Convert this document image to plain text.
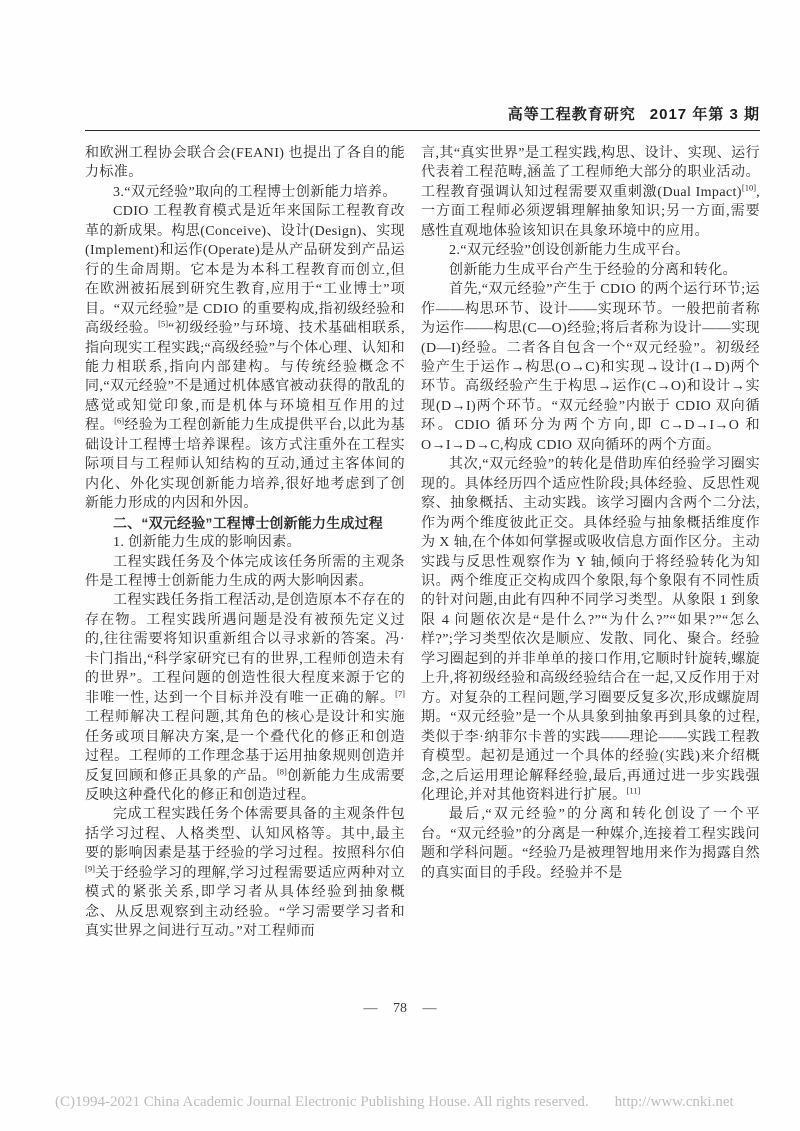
高等工程教育研究 2017 年第 3 期

和欧洲工程协会联合会(FEANI) 也提出了各自的能力标准。

3.“双元经验”取向的工程博士创新能力培养。

CDIO 工程教育模式是近年来国际工程教育改革的新成果。构思(Conceive)、设计(Design)、实现(Implement)和运作(Operate)是从产品研发到产品运行的生命周期。它本是为本科工程教育而创立,但在欧洲被拓展到研究生教育,应用于“工业博士”项目。“双元经验”是 CDIO 的重要构成,指初级经验和高级经验。[5]“初级经验”与环境、技术基础相联系,指向现实工程实践;“高级经验”与个体心理、认知和能力相联系,指向内部建构。与传统经验概念不同,“双元经验”不是通过机体感官被动获得的散乱的感觉或知觉印象,而是机体与环境相互作用的过程。[6]经验为工程创新能力生成提供平台,以此为基础设计工程博士培养课程。该方式注重外在工程实际项目与工程师认知结构的互动,通过主客体间的内化、外化实现创新能力培养,很好地考虑到了创新能力形成的内因和外因。

二、“双元经验”工程博士创新能力生成过程

1. 创新能力生成的影响因素。

工程实践任务及个体完成该任务所需的主观条件是工程博士创新能力生成的两大影响因素。

工程实践任务指工程活动,是创造原本不存在的存在物。工程实践所遇问题是没有被预先定义过的,往往需要将知识重新组合以寻求新的答案。冯·卡门指出,“科学家研究已有的世界,工程师创造未有的世界”。工程问题的创造性很大程度来源于它的非唯一性, 达到一个目标并没有唯一正确的解。[7]工程师解决工程问题,其角色的核心是设计和实施任务或项目解决方案,是一个叠代化的修正和创造过程。工程师的工作理念基于运用抽象规则创造并反复回顾和修正具象的产品。[8]创新能力生成需要反映这种叠代化的修正和创造过程。

完成工程实践任务个体需要具备的主观条件包括学习过程、人格类型、认知风格等。其中,最主要的影响因素是基于经验的学习过程。按照科尔伯[9]关于经验学习的理解,学习过程需要适应两种对立模式的紧张关系,即学习者从具体经验到抽象概念、从反思观察到主动经验。“学习需要学习者和真实世界之间进行互动。”对工程师而

言,其“真实世界”是工程实践,构思、设计、实现、运行代表着工程范畴,涵盖了工程师绝大部分的职业活动。工程教育强调认知过程需要双重刺激(Dual Impact)[10],一方面工程师必须逻辑理解抽象知识;另一方面,需要感性直观地体验该知识在具象环境中的应用。

2.“双元经验”创设创新能力生成平台。

创新能力生成平台产生于经验的分离和转化。

首先,“双元经验”产生于 CDIO 的两个运行环节;运作——构思环节、设计——实现环节。一般把前者称为运作——构思(C—O)经验;将后者称为设计——实现(D—I)经验。二者各自包含一个“双元经验”。初级经验产生于运作→构思(O→C)和实现→设计(I→D)两个环节。高级经验产生于构思→运作(C→O)和设计→实现(D→I)两个环节。“双元经验”内嵌于 CDIO 双向循环。CDIO 循环分为两个方向,即 C→D→I→O 和 O→I→D→C,构成 CDIO 双向循环的两个方面。

其次,“双元经验”的转化是借助库伯经验学习圈实现的。具体经历四个适应性阶段;具体经验、反思性观察、抽象概括、主动实践。该学习圈内含两个二分法,作为两个维度彼此正交。具体经验与抽象概括维度作为 X 轴,在个体如何掌握或吸收信息方面作区分。主动实践与反思性观察作为 Y 轴,倾向于将经验转化为知识。两个维度正交构成四个象限,每个象限有不同性质的针对问题,由此有四种不同学习类型。从象限 1 到象限 4 问题依次是“是什么?”“为什么?”“如果?”“怎么样?”;学习类型依次是顺应、发散、同化、聚合。经验学习圈起到的并非单单的接口作用,它顺时针旋转,螺旋上升,将初级经验和高级经验结合在一起,又反作用于对方。对复杂的工程问题,学习圈要反复多次,形成螺旋周期。“双元经验”是一个从具象到抽象再到具象的过程,类似于李·纳菲尔卡普的实践——理论——实践工程教育模型。起初是通过一个具体的经验(实践)来介绍概念,之后运用理论解释经验,最后,再通过进一步实践强化理论,并对其他资料进行扩展。[11]

最后,“双元经验”的分离和转化创设了一个平台。“双元经验”的分离是一种媒介,连接着工程实践问题和学科问题。“经验乃是被理智地用来作为揭露自然的真实面目的手段。经验并不是

— 78 —
(C)1994-2021 China Academic Journal Electronic Publishing House. All rights reserved. http://www.cnki.net
